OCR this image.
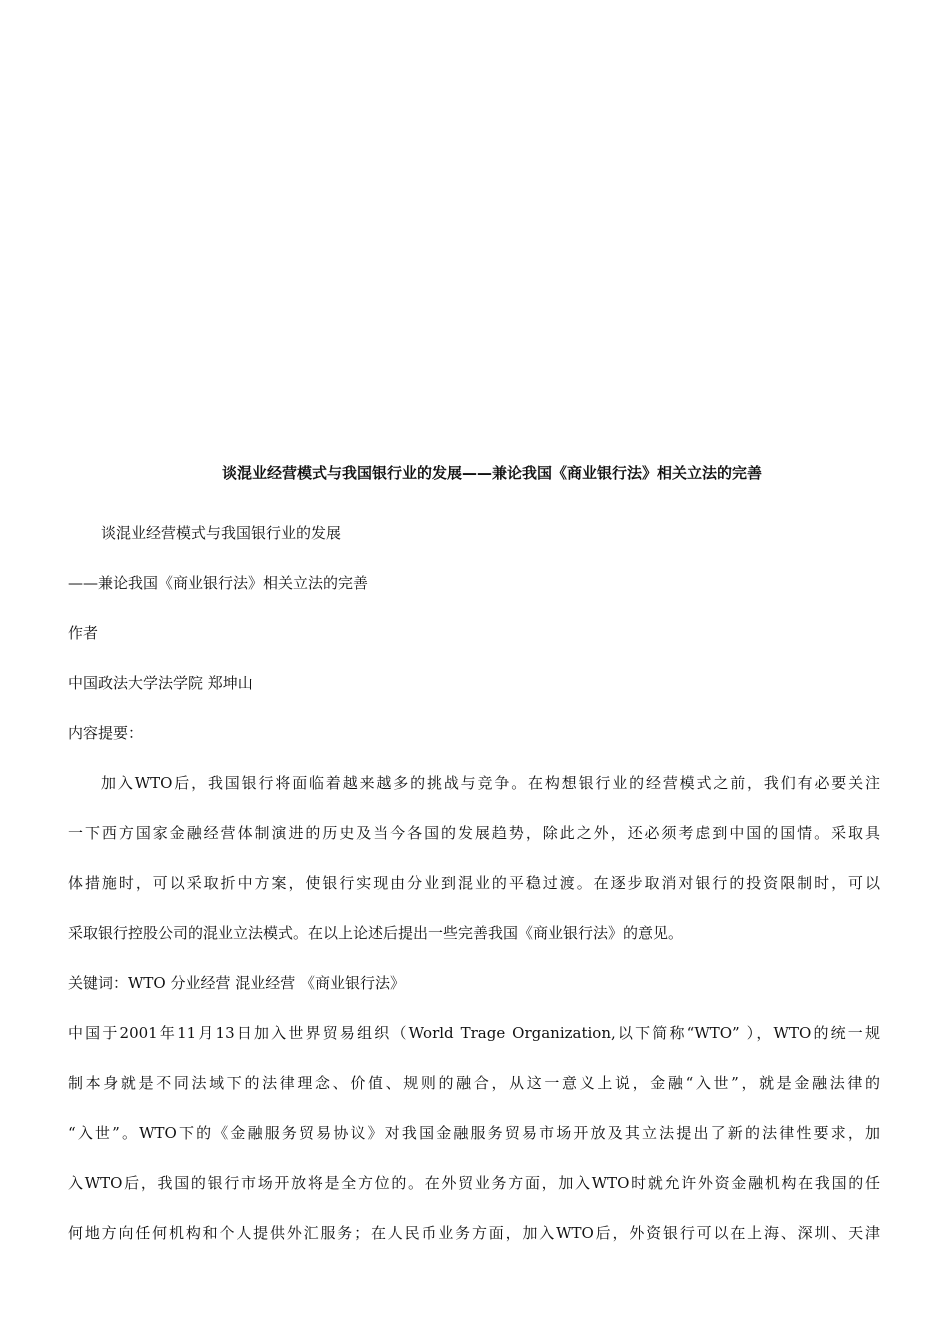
谈混业经营模式与我国银行业的发展——兼论我国《商业银行法》相关立法的完善

谈混业经营模式与我国银行业的发展

——兼论我国《商业银行法》相关立法的完善

作者

中国政法大学法学院 郑坤山

内容提要：

加入WTO后，我国银行将面临着越来越多的挑战与竞争。在构想银行业的经营模式之前，我们有必要关注

一下西方国家金融经营体制演进的历史及当今各国的发展趋势，除此之外，还必须考虑到中国的国情。采取具

体措施时，可以采取折中方案，使银行实现由分业到混业的平稳过渡。在逐步取消对银行的投资限制时，可以

采取银行控股公司的混业立法模式。在以上论述后提出一些完善我国《商业银行法》的意见。

关键词：WTO 分业经营 混业经营 《商业银行法》

中国于2001年11月13日加入世界贸易组织（World Trage Organization,以下简称“WTO” ），WTO的统一规

制本身就是不同法域下的法律理念、价值、规则的融合，从这一意义上说，金融“入世”，就是金融法律的

“入世”。WTO下的《金融服务贸易协议》对我国金融服务贸易市场开放及其立法提出了新的法律性要求，加

入WTO后，我国的银行市场开放将是全方位的。在外贸业务方面，加入WTO时就允许外资金融机构在我国的任

何地方向任何机构和个人提供外汇服务；在人民币业务方面，加入WTO后，外资银行可以在上海、深圳、天津
